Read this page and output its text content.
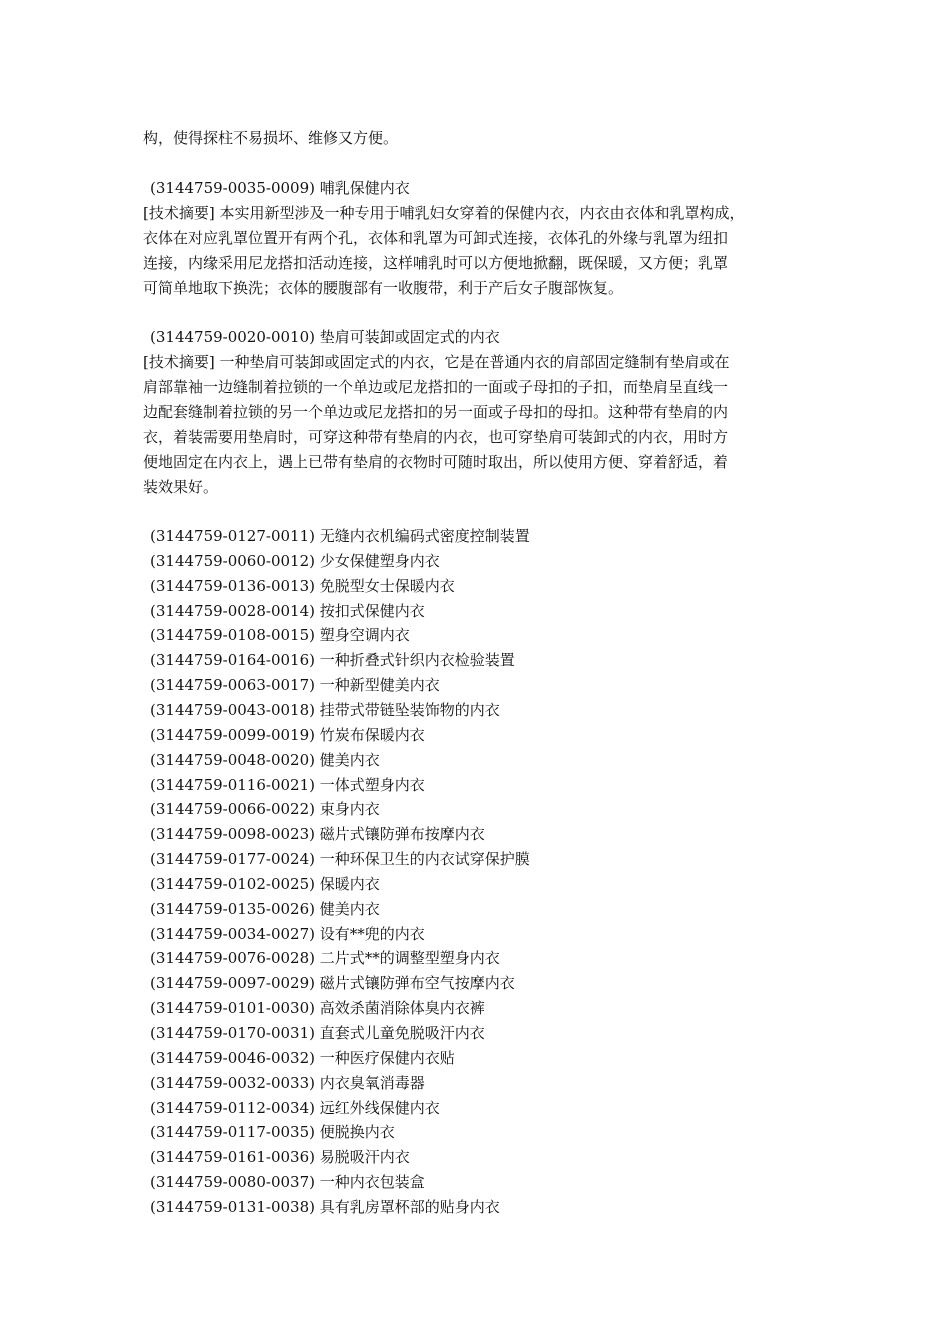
构，使得探柱不易损坏、维修又方便。
(3144759-0035-0009) 哺乳保健内衣
[技术摘要] 本实用新型涉及一种专用于哺乳妇女穿着的保健内衣，内衣由衣体和乳罩构成，
衣体在对应乳罩位置开有两个孔，衣体和乳罩为可卸式连接，衣体孔的外缘与乳罩为纽扣
连接，内缘采用尼龙搭扣活动连接，这样哺乳时可以方便地掀翻，既保暖，又方便；乳罩
可简单地取下换洗；衣体的腰腹部有一收腹带，利于产后女子腹部恢复。
(3144759-0020-0010) 垫肩可装卸或固定式的内衣
[技术摘要] 一种垫肩可装卸或固定式的内衣，它是在普通内衣的肩部固定缝制有垫肩或在
肩部靠袖一边缝制着拉锁的一个单边或尼龙搭扣的一面或子母扣的子扣，而垫肩呈直线一
边配套缝制着拉锁的另一个单边或尼龙搭扣的另一面或子母扣的母扣。这种带有垫肩的内
衣，着装需要用垫肩时，可穿这种带有垫肩的内衣，也可穿垫肩可装卸式的内衣，用时方
便地固定在内衣上，遇上已带有垫肩的衣物时可随时取出，所以使用方便、穿着舒适，着
装效果好。
(3144759-0127-0011) 无缝内衣机编码式密度控制装置
(3144759-0060-0012) 少女保健塑身内衣
(3144759-0136-0013) 免脱型女士保暖内衣
(3144759-0028-0014) 按扣式保健内衣
(3144759-0108-0015) 塑身空调内衣
(3144759-0164-0016) 一种折叠式针织内衣检验装置
(3144759-0063-0017) 一种新型健美内衣
(3144759-0043-0018) 挂带式带链坠装饰物的内衣
(3144759-0099-0019) 竹炭布保暖内衣
(3144759-0048-0020) 健美内衣
(3144759-0116-0021) 一体式塑身内衣
(3144759-0066-0022) 束身内衣
(3144759-0098-0023) 磁片式镶防弹布按摩内衣
(3144759-0177-0024) 一种环保卫生的内衣试穿保护膜
(3144759-0102-0025) 保暖内衣
(3144759-0135-0026) 健美内衣
(3144759-0034-0027) 设有**兜的内衣
(3144759-0076-0028) 二片式**的调整型塑身内衣
(3144759-0097-0029) 磁片式镶防弹布空气按摩内衣
(3144759-0101-0030) 高效杀菌消除体臭内衣裤
(3144759-0170-0031) 直套式儿童免脱吸汗内衣
(3144759-0046-0032) 一种医疗保健内衣贴
(3144759-0032-0033) 内衣臭氧消毒器
(3144759-0112-0034) 远红外线保健内衣
(3144759-0117-0035) 便脱换内衣
(3144759-0161-0036) 易脱吸汗内衣
(3144759-0080-0037) 一种内衣包装盒
(3144759-0131-0038) 具有乳房罩杯部的贴身内衣
